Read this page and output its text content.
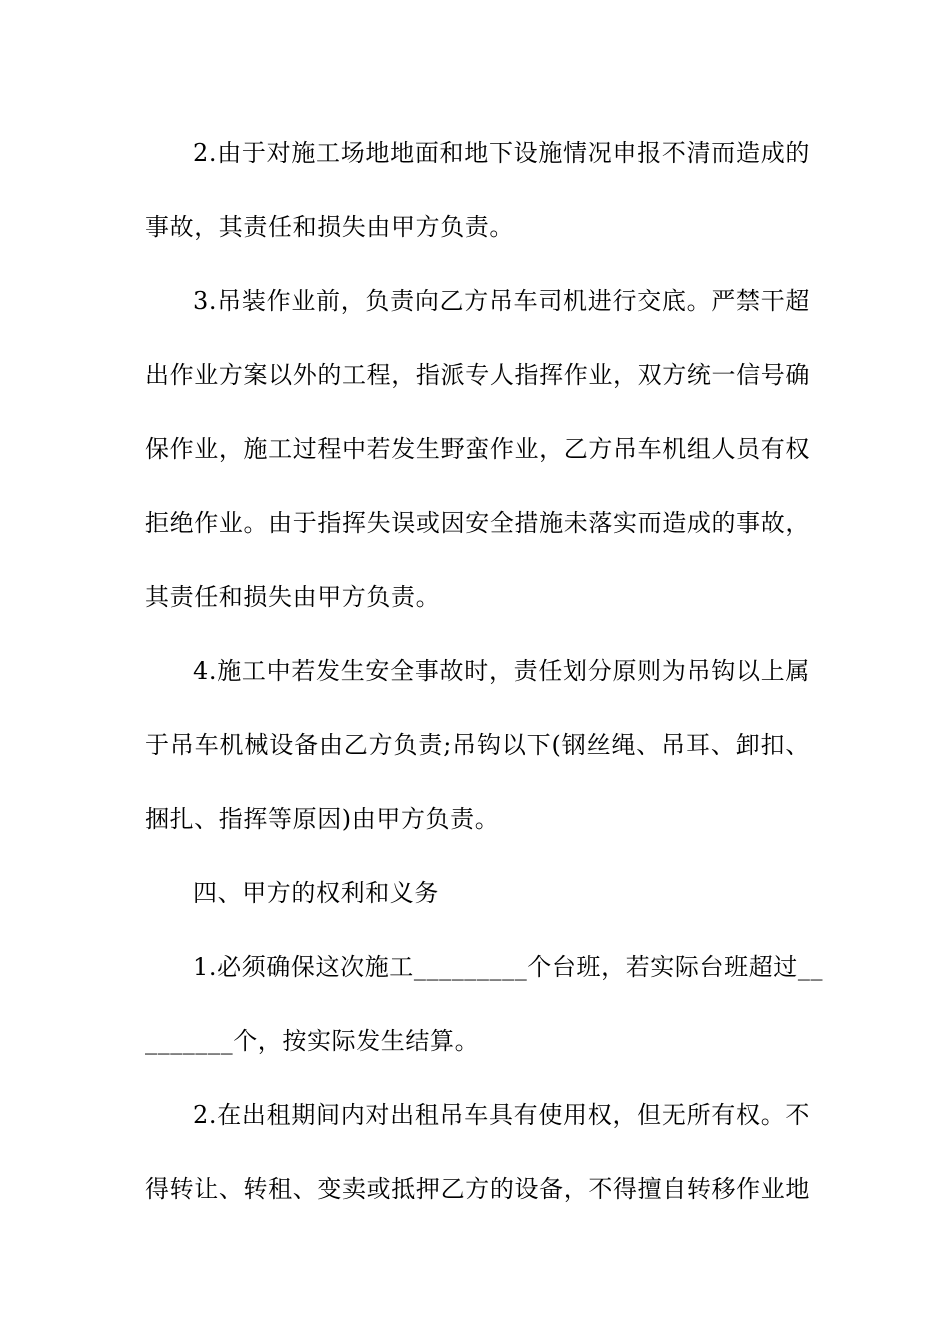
2.由于对施工场地地面和地下设施情况申报不清而造成的
事故，其责任和损失由甲方负责。
3.吊装作业前，负责向乙方吊车司机进行交底。严禁干超
出作业方案以外的工程，指派专人指挥作业，双方统一信号确
保作业，施工过程中若发生野蛮作业，乙方吊车机组人员有权
拒绝作业。由于指挥失误或因安全措施未落实而造成的事故，
其责任和损失由甲方负责。
4.施工中若发生安全事故时，责任划分原则为吊钩以上属
于吊车机械设备由乙方负责;吊钩以下(钢丝绳、吊耳、卸扣、
捆扎、指挥等原因)由甲方负责。
四、甲方的权利和义务
1.必须确保这次施工_________个台班，若实际台班超过__
_______个，按实际发生结算。
2.在出租期间内对出租吊车具有使用权，但无所有权。不
得转让、转租、变卖或抵押乙方的设备，不得擅自转移作业地
